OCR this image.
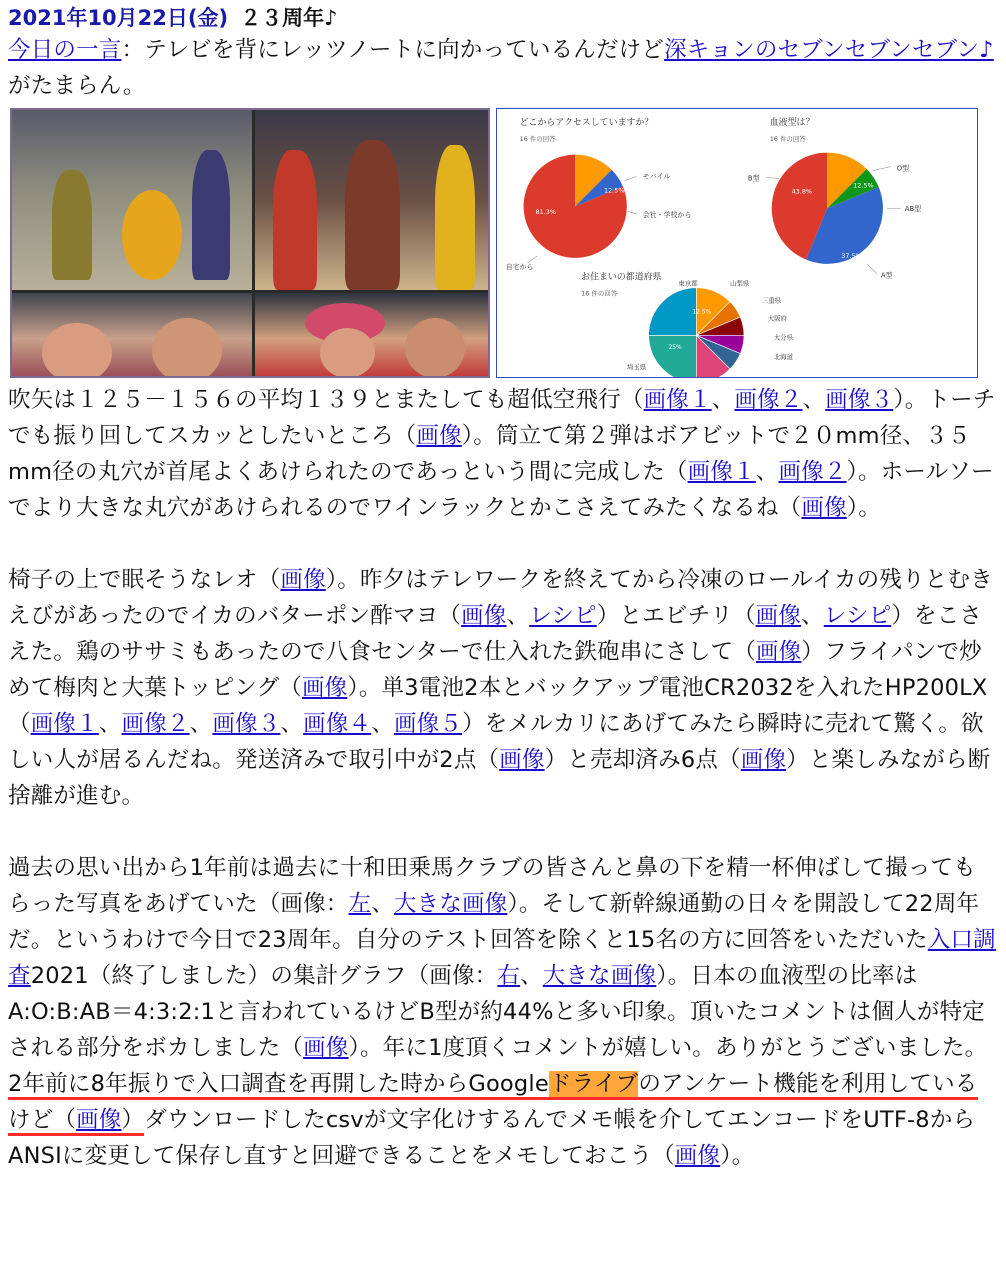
2021年10月22日(金) ２３周年♪

今日の一言：テレビを背にレッツノートに向かっているんだけど深キョンのセブンセブンセブン♪がたまらん。

どこからアクセスしていますか？
16 件の回答
81.3%
12.5%
モバイル
会社・学校から
自宅から
血液型は？
16 件の回答
43.8%
12.5%
37.5%
O型
AB型
A型
B型
お住まいの都道府県
16 件の回答
12.5%
25%
東京都	山梨県
三重県
大阪府
大分県
北海道
埼玉県

吹矢は１２５－１５６の平均１３９とまたしても超低空飛行（画像１、画像２、画像３）。トーチでも振り回してスカッとしたいところ（画像）。筒立て第２弾はボアビットで２０mm径、３５mm径の丸穴が首尾よくあけられたのであっという間に完成した（画像１、画像２）。ホールソーでより大きな丸穴があけられるのでワインラックとかこさえてみたくなるね（画像）。

椅子の上で眠そうなレオ（画像）。昨夕はテレワークを終えてから冷凍のロールイカの残りとむきえびがあったのでイカのバターポン酢マヨ（画像、レシピ）とエビチリ（画像、レシピ）をこさえた。鶏のササミもあったので八食センターで仕入れた鉄砲串にさして（画像）フライパンで炒めて梅肉と大葉トッピング（画像）。単3電池2本とバックアップ電池CR2032を入れたHP200LX（画像１、画像２、画像３、画像４、画像５）をメルカリにあげてみたら瞬時に売れて驚く。欲しい人が居るんだね。発送済みで取引中が2点（画像）と売却済み6点（画像）と楽しみながら断捨離が進む。

過去の思い出から1年前は過去に十和田乗馬クラブの皆さんと鼻の下を精一杯伸ばして撮ってもらった写真をあげていた（画像：左、大きな画像）。そして新幹線通勤の日々を開設して22周年だ。というわけで今日で23周年。自分のテスト回答を除くと15名の方に回答をいただいた入口調査2021（終了しました）の集計グラフ（画像：右、大きな画像）。日本の血液型の比率はA:O:B:AB＝4:3:2:1と言われているけどB型が約44%と多い印象。頂いたコメントは個人が特定される部分をボカしました（画像）。年に1度頂くコメントが嬉しい。ありがとうございました。2年前に8年振りで入口調査を再開した時からGoogleドライブのアンケート機能を利用しているけど（画像）ダウンロードしたcsvが文字化けするんでメモ帳を介してエンコードをUTF-8からANSIに変更して保存し直すと回避できることをメモしておこう（画像）。
